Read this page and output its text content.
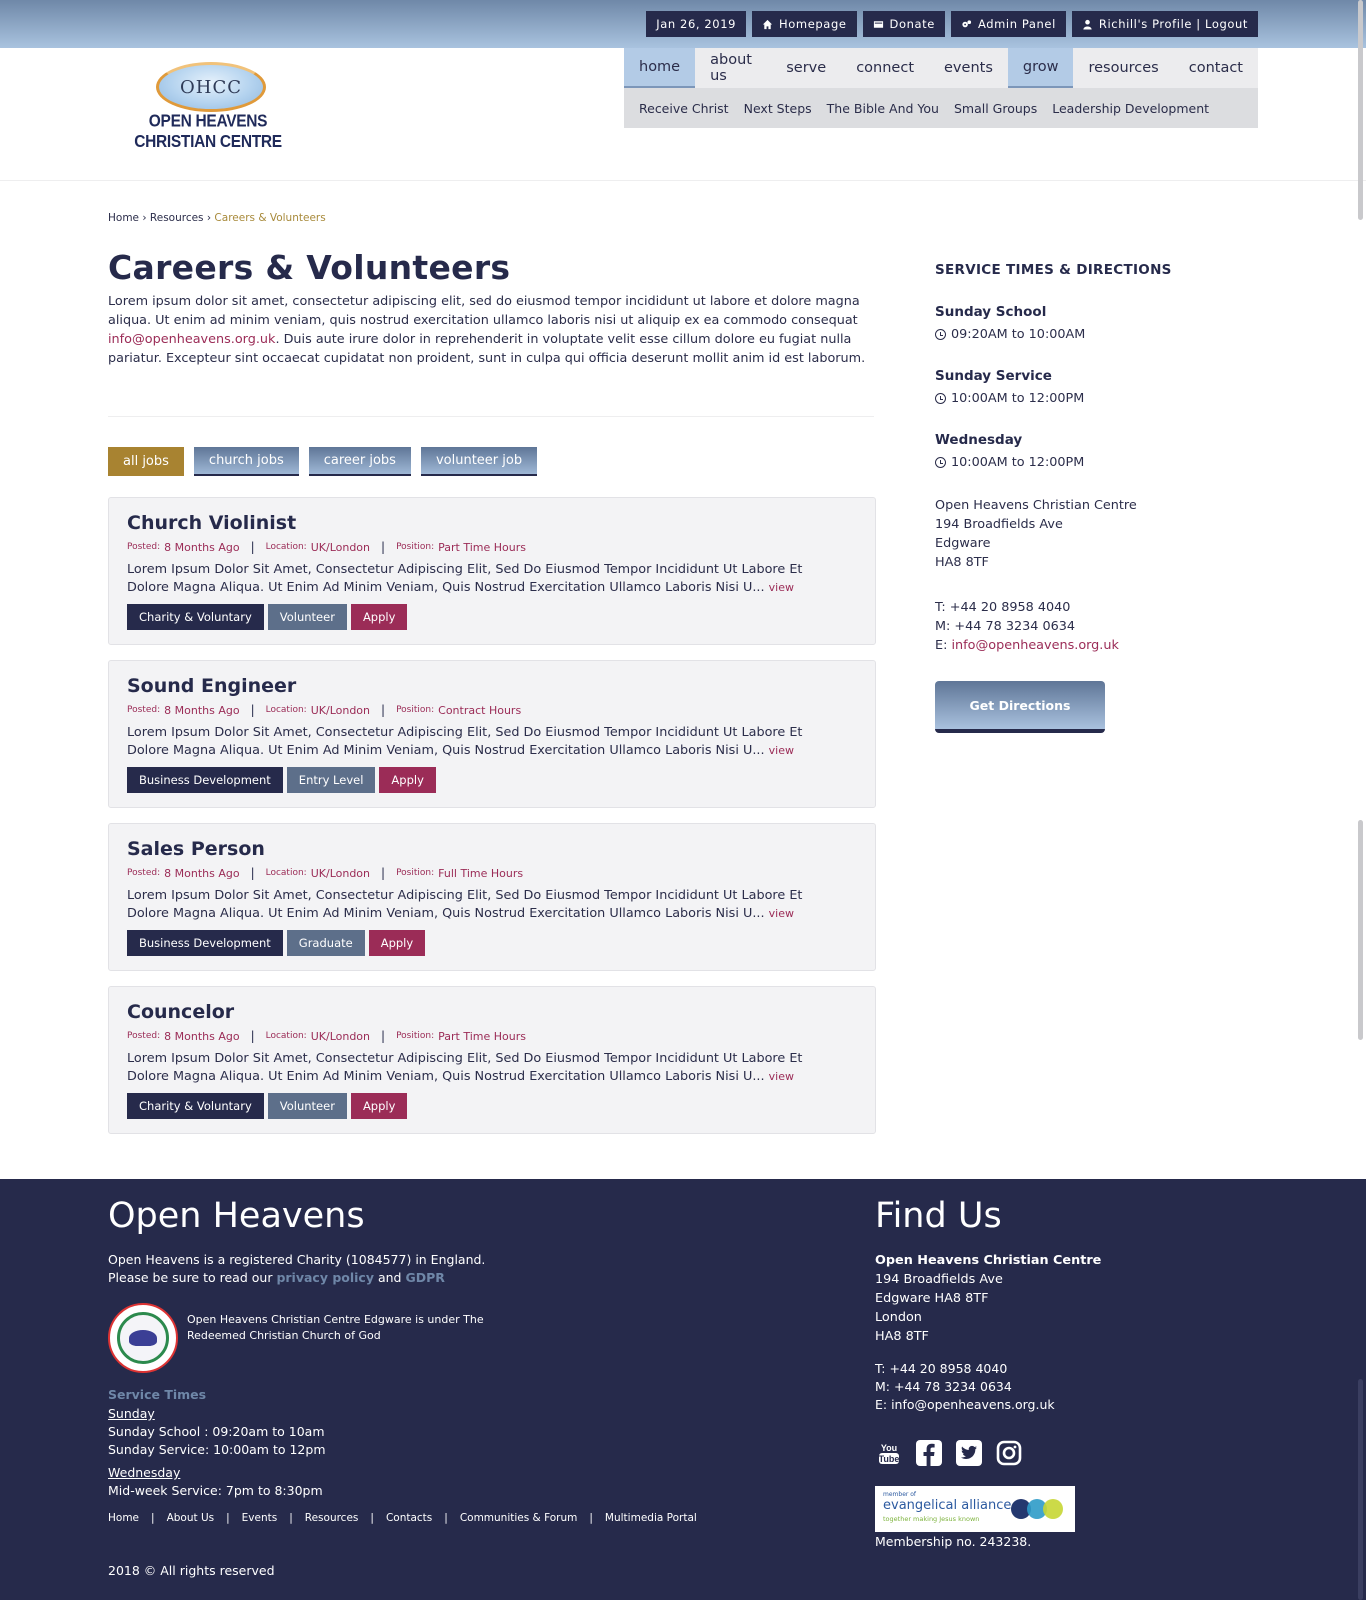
Jan 26, 2019	Homepage	Donate	Admin Panel	Richill's Profile | Logout
OHCC
OPEN HEAVENS CHRISTIAN CENTRE
home	about us	serve	connect	events	grow	resources	contact
Receive Christ Next Steps The Bible And You Small Groups Leadership Development
Home › Resources › Careers & Volunteers
Careers & Volunteers

Lorem ipsum dolor sit amet, consectetur adipiscing elit, sed do eiusmod tempor incididunt ut labore et dolore magna aliqua. Ut enim ad minim veniam, quis nostrud exercitation ullamco laboris nisi ut aliquip ex ea commodo consequat info@openheavens.org.uk. Duis aute irure dolor in reprehenderit in voluptate velit esse cillum dolore eu fugiat nulla pariatur. Excepteur sint occaecat cupidatat non proident, sunt in culpa qui officia deserunt mollit anim id est laborum.

all jobs	church jobs	career jobs	volunteer job
Church Violinist
Posted: 8 Months Ago | Location: UK/London | Position: Part Time Hours
Lorem Ipsum Dolor Sit Amet, Consectetur Adipiscing Elit, Sed Do Eiusmod Tempor Incididunt Ut Labore Et Dolore Magna Aliqua. Ut Enim Ad Minim Veniam, Quis Nostrud Exercitation Ullamco Laboris Nisi U... view
Charity & Voluntary	Volunteer	Apply
Sound Engineer
Posted: 8 Months Ago | Location: UK/London | Position: Contract Hours
Lorem Ipsum Dolor Sit Amet, Consectetur Adipiscing Elit, Sed Do Eiusmod Tempor Incididunt Ut Labore Et Dolore Magna Aliqua. Ut Enim Ad Minim Veniam, Quis Nostrud Exercitation Ullamco Laboris Nisi U... view
Business Development	Entry Level	Apply
Sales Person
Posted: 8 Months Ago | Location: UK/London | Position: Full Time Hours
Lorem Ipsum Dolor Sit Amet, Consectetur Adipiscing Elit, Sed Do Eiusmod Tempor Incididunt Ut Labore Et Dolore Magna Aliqua. Ut Enim Ad Minim Veniam, Quis Nostrud Exercitation Ullamco Laboris Nisi U... view
Business Development	Graduate	Apply
Councelor
Posted: 8 Months Ago | Location: UK/London | Position: Part Time Hours
Lorem Ipsum Dolor Sit Amet, Consectetur Adipiscing Elit, Sed Do Eiusmod Tempor Incididunt Ut Labore Et Dolore Magna Aliqua. Ut Enim Ad Minim Veniam, Quis Nostrud Exercitation Ullamco Laboris Nisi U... view
Charity & Voluntary	Volunteer	Apply
SERVICE TIMES & DIRECTIONS
Sunday School
09:20AM to 10:00AM
Sunday Service
10:00AM to 12:00PM
Wednesday
10:00AM to 12:00PM
Open Heavens Christian Centre
194 Broadfields Ave
Edgware
HA8 8TF
T: +44 20 8958 4040
M: +44 78 3234 0634
E: info@openheavens.org.uk
Get Directions
Open Heavens
Open Heavens is a registered Charity (1084577) in England.
Please be sure to read our privacy policy and GDPR
Open Heavens Christian Centre Edgware is under The Redeemed Christian Church of God
Service Times
Sunday
Sunday School : 09:20am to 10am
Sunday Service: 10:00am to 12pm
Wednesday
Mid-week Service: 7pm to 8:30pm
Home | About Us | Events | Resources | Contacts | Communities & Forum | Multimedia Portal
2018 © All rights reserved
Find Us
Open Heavens Christian Centre
194 Broadfields Ave
Edgware HA8 8TF
London
HA8 8TF
T: +44 20 8958 4040
M: +44 78 3234 0634
E: info@openheavens.org.uk
You
Tube
member of
evangelical alliance
together making Jesus known
Membership no. 243238.
